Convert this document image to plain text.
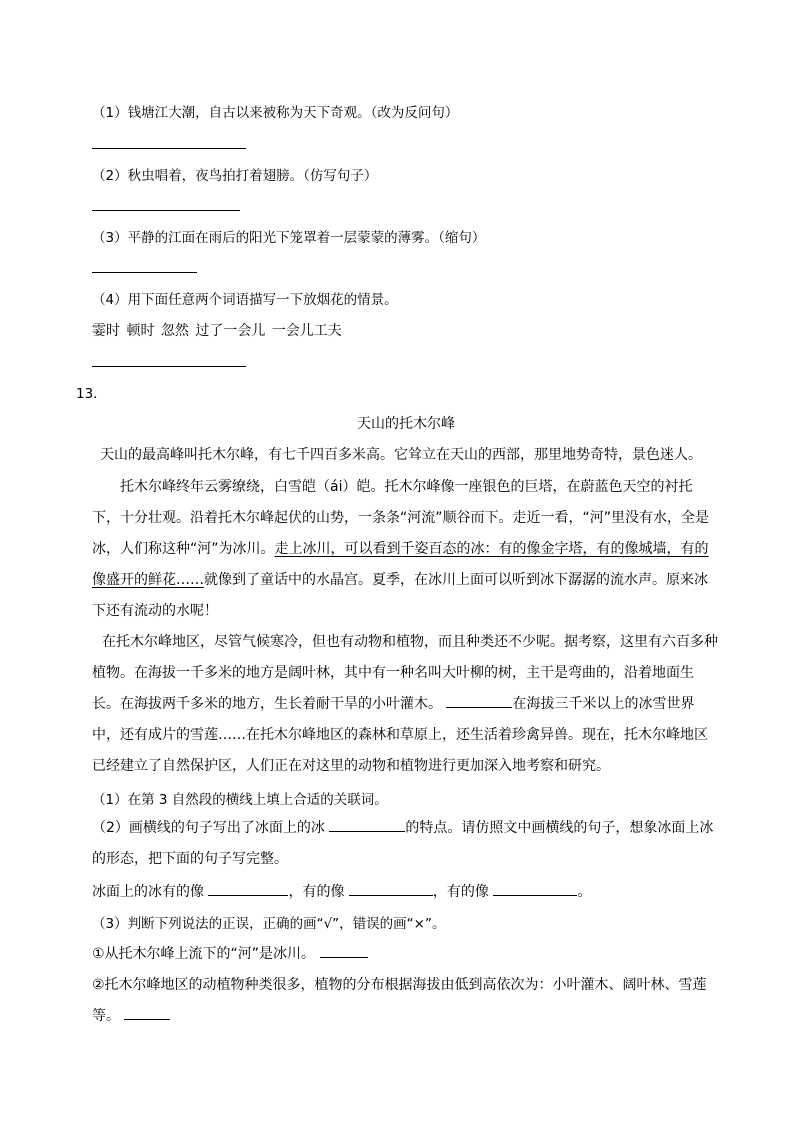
（1）钱塘江大潮，自古以来被称为天下奇观。（改为反问句）
（2）秋虫唱着，夜鸟拍打着翅膀。（仿写句子）
（3）平静的江面在雨后的阳光下笼罩着一层蒙蒙的薄雾。（缩句）
（4）用下面任意两个词语描写一下放烟花的情景。
霎时 顿时 忽然 过了一会儿 一会儿工夫
13．
天山的托木尔峰
天山的最高峰叫托木尔峰，有七千四百多米高。它耸立在天山的西部，那里地势奇特，景色迷人。
托木尔峰终年云雾缭绕，白雪皑（ái）皑。托木尔峰像一座银色的巨塔，在蔚蓝色天空的衬托下，十分壮观。沿着托木尔峰起伏的山势，一条条“河流”顺谷而下。走近一看，“河”里没有水，全是冰，人们称这种“河”为冰川。走上冰川，可以看到千姿百态的冰：有的像金字塔，有的像城墙，有的像盛开的鲜花……就像到了童话中的水晶宫。夏季，在冰川上面可以听到冰下潺潺的流水声。原来冰下还有流动的水呢！
在托木尔峰地区，尽管气候寒冷，但也有动物和植物，而且种类还不少呢。据考察，这里有六百多种植物。在海拔一千多米的地方是阔叶林，其中有一种名叫大叶柳的树，主干是弯曲的，沿着地面生长。在海拔两千多米的地方，生长着耐干旱的小叶灌木。	在海拔三千米以上的冰雪世界中，还有成片的雪莲……在托木尔峰地区的森林和草原上，还生活着珍禽异兽。现在，托木尔峰地区已经建立了自然保护区，人们正在对这里的动物和植物进行更加深入地考察和研究。
（1）在第 3 自然段的横线上填上合适的关联词。
（2）画横线的句子写出了冰面上的冰	的特点。请仿照文中画横线的句子，想象冰面上冰的形态，把下面的句子写完整。
冰面上的冰有的像	，有的像	，有的像	。
（3）判断下列说法的正误，正确的画“√”，错误的画“×”。
①从托木尔峰上流下的“河”是冰川。
②托木尔峰地区的动植物种类很多，植物的分布根据海拔由低到高依次为：小叶灌木、阔叶林、雪莲等。
